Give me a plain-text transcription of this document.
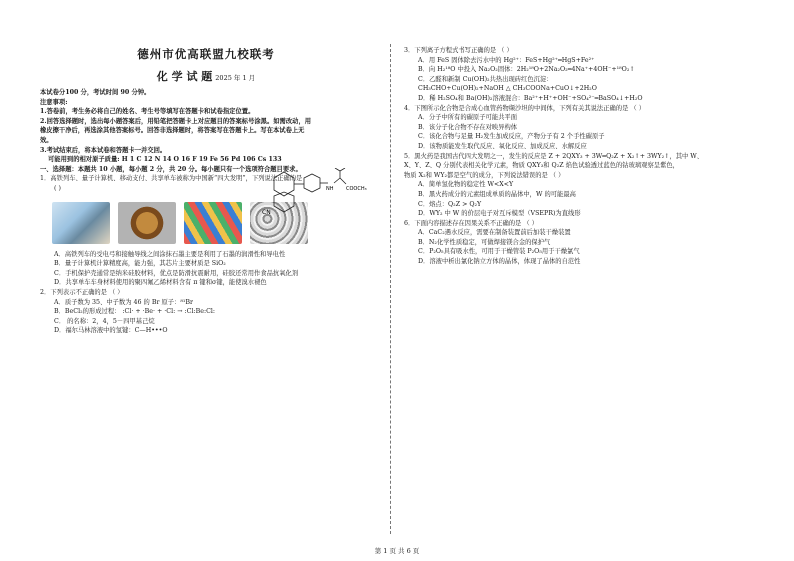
德州市优高联盟九校联考
化 学 试 题 2025 年 1 月
本试卷分100 分，考试时间 90 分钟。
注意事项:
1.答卷前，考生务必将自己的姓名、考生号等填写在答题卡和试卷指定位置。
2.回答选择题时，选出每小题答案后，用铅笔把答题卡上对应题目的答案标号涂黑。如需改动，用
橡皮擦干净后，再选涂其他答案标号。回答非选择题时，将答案写在答题卡上。写在本试卷上无
效。
3.考试结束后，将本试卷和答题卡一并交回。
可能用到的相对原子质量: H 1 C 12 N 14 O 16 F 19 Fe 56 Pd 106 Cs 133
一、选择题：本题共 10 小题，每小题 2 分，共 20 分。每小题只有一个选项符合题目要求。
1．高铁列车、量子计算机、移动支付、共享单车被称为中国新“四大发明”，下列说法正确的是
( )
A．高铁列车的受电弓和接触导线之间涂抹石墨主要是利用了石墨的润滑性和导电性
B．量子计算机计算精度高，能力强，其芯片主要材质是 SiO₂
C．手机保护壳通常是纳米硅胶材料，优点是防滑抗震耐用，硅胶还常用作食品抗氧化剂
D．共享单车车身材料使用的聚四氟乙烯材料含有 π 键和σ键，能使溴水褪色
2．下列表示不正确的是 （ ）
A．质子数为 35、中子数为 46 的 Br 原子：⁸¹Br
B．BeCl₂的形成过程： :Cl· + ·Be· + ·Cl: → :Cl:Be:Cl:
C． 的名称：2，4，5－四甲基己烷
D．福尔马林溶液中的氢键：C—H•••O
3．下列离子方程式书写正确的是 （ ）
A．用 FeS 固体除去污水中的 Hg²⁺：FeS+Hg²⁺═HgS+Fe²⁺
B．向 H₂¹⁸O 中投入 Na₂O₂固体：2H₂¹⁸O+2Na₂O₂═4Na⁺+4OH⁻+¹⁸O₂↑
C．乙醛和新制 Cu(OH)₂共热出现砖红色沉淀：
CH₃CHO+Cu(OH)₂+NaOH △ CH₃COONa+CuO↓+2H₂O
D．稀 H₂SO₄和 Ba(OH)₂溶液混合：Ba²⁺+H⁺+OH⁻+SO₄²⁻═BaSO₄↓+H₂O
4．下图所示化合物是合成心血管药物缬沙坦的中间体，下列有关其说法正确的是 （ ）
A．分子中所有的碳原子可能共平面
B．该分子化合物不存在对映异构体
C．该化合物与足量 H₂发生加成反应，产物分子有 2 个手性碳原子
D．该物质能发生取代反应、氧化反应、加成反应、水解反应
5．黑火药是我国古代四大发明之一，发生的反应是 Z + 2QXY₃ + 3W═Q₂Z + X₂↑+ 3WY₂↑，其中 W、
X、Y、Z、Q 分别代表相关化学元素，物质 QXY₃和 Q₂Z 焰色试验透过蓝色的钴玻璃观察呈紫色，
物质 X₂和 WY₂都是空气的成分，下列说法错误的是 （ ）
A．简单氢化物的稳定性 W<X<Y
B．黑火药成分的元素组成单质的晶体中，W 的可能最高
C．熔点：Q₂Z > Q₂Y
D．WY₂ 中 W 的价层电子对互斥模型（VSEPR)为直线形
6．下面内容描述存在因果关系不正确的是 （ ）
A．CaC₂遇水反应，需要在制备装置前后加装干燥装置
B．N₂化学性质稳定，可做焊接镁合金的保护气
C．P₂O₅具有吸水性，可用于干燥管装 P₂O₅用于干燥氯气
D．溶液中析出氯化钠立方体的晶体，体现了晶体的自范性
CN
NH	COOCH₃
第 1 页 共 6 页
